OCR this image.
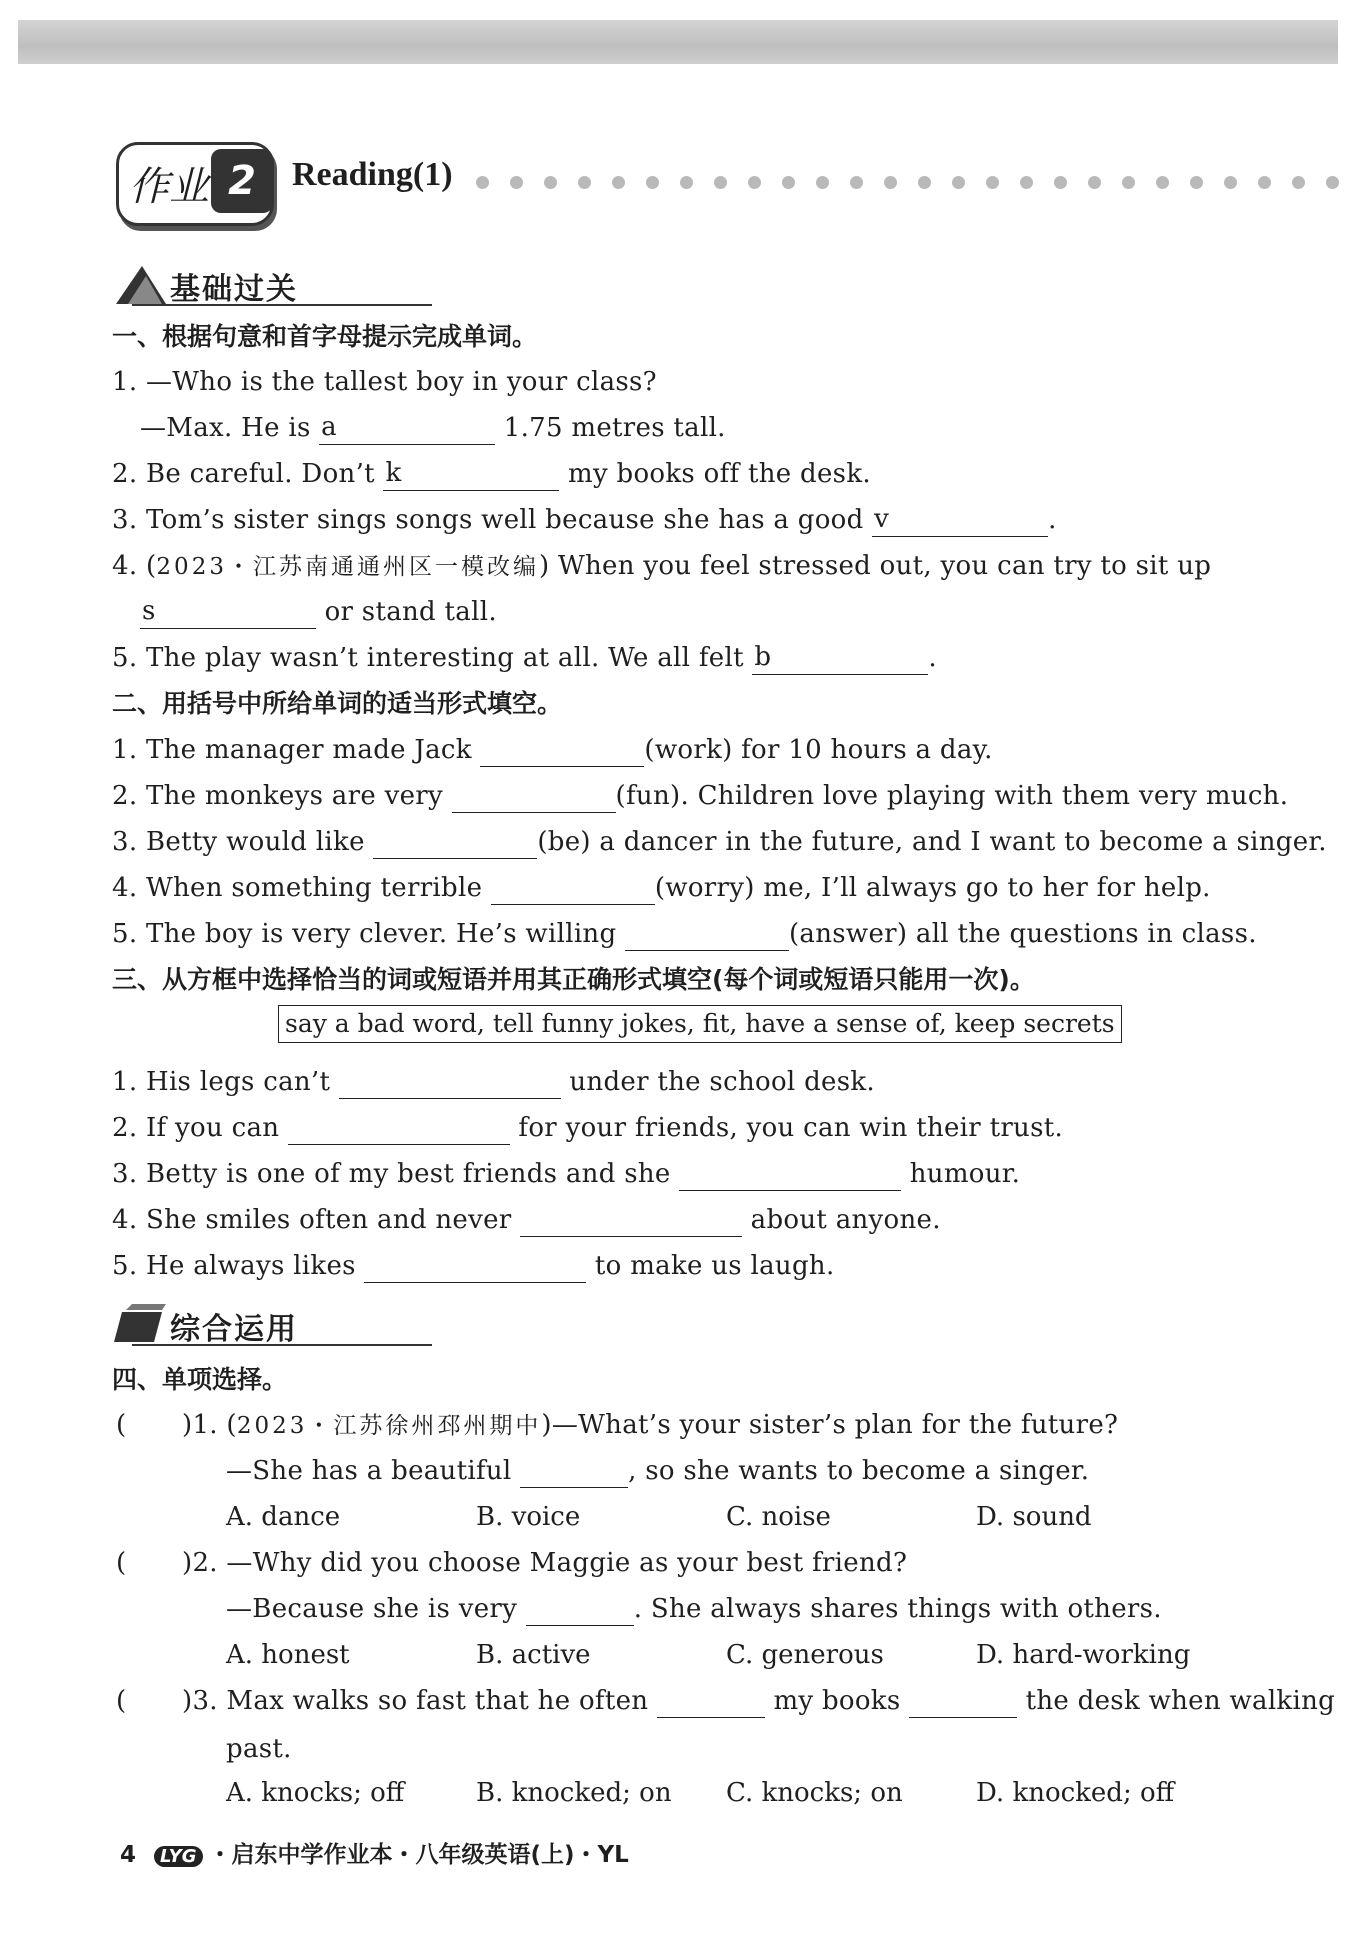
作业 2	Reading(1)
基础过关
一、根据句意和首字母提示完成单词。
1. —Who is the tallest boy in your class?
—Max. He is a	1.75 metres tall.
2. Be careful. Don’t k	my books off the desk.
3. Tom’s sister sings songs well because she has a good v	.
4. (2023・江苏南通通州区一模改编) When you feel stressed out, you can try to sit up
s	or stand tall.
5. The play wasn’t interesting at all. We all felt b	.
二、用括号中所给单词的适当形式填空。
1. The manager made Jack	(work) for 10 hours a day.
2. The monkeys are very	(fun). Children love playing with them very much.
3. Betty would like	(be) a dancer in the future, and I want to become a singer.
4. When something terrible	(worry) me, I’ll always go to her for help.
5. The boy is very clever. He’s willing	(answer) all the questions in class.
三、从方框中选择恰当的词或短语并用其正确形式填空(每个词或短语只能用一次)。
say a bad word, tell funny jokes, fit, have a sense of, keep secrets
1. His legs can’t	under the school desk.
2. If you can	for your friends, you can win their trust.
3. Betty is one of my best friends and she	humour.
4. She smiles often and never	about anyone.
5. He always likes	to make us laugh.
综合运用
四、单项选择。
( )1. (2023・江苏徐州邳州期中)—What’s your sister’s plan for the future?
—She has a beautiful	, so she wants to become a singer.
A. dance	B. voice	C. noise	D. sound
( )2. —Why did you choose Maggie as your best friend?
—Because she is very	. She always shares things with others.
A. honest	B. active	C. generous	D. hard-working
( )3. Max walks so fast that he often	my books	the desk when walking
past.
A. knocks; off	B. knocked; on C. knocks; on	D. knocked; off
4 LYG ・启东中学作业本・八年级英语(上)・YL
